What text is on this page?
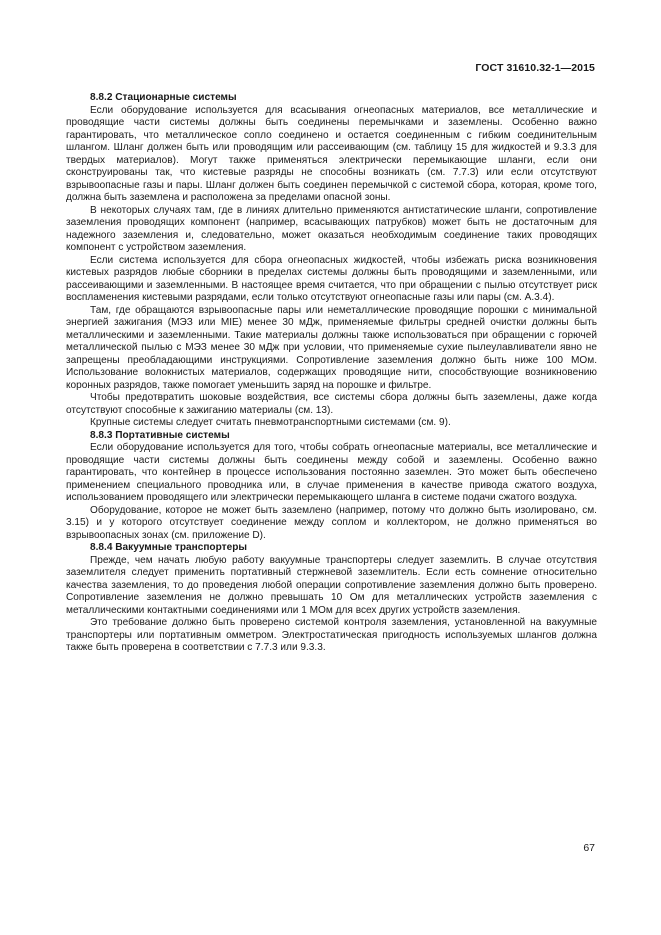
ГОСТ 31610.32-1—2015
8.8.2 Стационарные системы

Если оборудование используется для всасывания огнеопасных материалов, все металлические и проводящие части системы должны быть соединены перемычками и заземлены. Особенно важно гарантировать, что металлическое сопло соединено и остается соединенным с гибким соединительным шлангом. Шланг должен быть или проводящим или рассеивающим (см. таблицу 15 для жидкостей и 9.3.3 для твердых материалов). Могут также применяться электрически перемыкающие шланги, если они сконструированы так, что кистевые разряды не способны возникать (см. 7.7.3) или если отсутствуют взрывоопасные газы и пары. Шланг должен быть соединен перемычкой с системой сбора, которая, кроме того, должна быть заземлена и расположена за пределами опасной зоны.

В некоторых случаях там, где в линиях длительно применяются антистатические шланги, сопротивление заземления проводящих компонент (например, всасывающих патрубков) может быть не достаточным для надежного заземления и, следовательно, может оказаться необходимым соединение таких проводящих компонент с устройством заземления.

Если система используется для сбора огнеопасных жидкостей, чтобы избежать риска возникновения кистевых разрядов любые сборники в пределах системы должны быть проводящими и заземленными, или рассеивающими и заземленными. В настоящее время считается, что при обращении с пылью отсутствует риск воспламенения кистевыми разрядами, если только отсутствуют огнеопасные газы или пары (см. А.3.4).

Там, где обращаются взрывоопасные пары или неметаллические проводящие порошки с минимальной энергией зажигания (МЭЗ или MIE) менее 30 мДж, применяемые фильтры средней очистки должны быть металлическими и заземленными. Такие материалы должны также использоваться при обращении с горючей металлической пылью с МЭЗ менее 30 мДж при условии, что применяемые сухие пылеулавливатели явно не запрещены преобладающими инструкциями. Сопротивление заземления должно быть ниже 100 МОм. Использование волокнистых материалов, содержащих проводящие нити, способствующие возникновению коронных разрядов, также помогает уменьшить заряд на порошке и фильтре.

Чтобы предотвратить шоковые воздействия, все системы сбора должны быть заземлены, даже когда отсутствуют способные к зажиганию материалы (см. 13).

Крупные системы следует считать пневмотранспортными системами (см. 9).

8.8.3 Портативные системы

Если оборудование используется для того, чтобы собрать огнеопасные материалы, все металлические и проводящие части системы должны быть соединены между собой и заземлены. Особенно важно гарантировать, что контейнер в процессе использования постоянно заземлен. Это может быть обеспечено применением специального проводника или, в случае применения в качестве привода сжатого воздуха, использованием проводящего или электрически перемыкающего шланга в системе подачи сжатого воздуха.

Оборудование, которое не может быть заземлено (например, потому что должно быть изолировано, см. 3.15) и у которого отсутствует соединение между соплом и коллектором, не должно применяться во взрывоопасных зонах (см. приложение D).

8.8.4 Вакуумные транспортеры

Прежде, чем начать любую работу вакуумные транспортеры следует заземлить. В случае отсутствия заземлителя следует применить портативный стержневой заземлитель. Если есть сомнение относительно качества заземления, то до проведения любой операции сопротивление заземления должно быть проверено. Сопротивление заземления не должно превышать 10 Ом для металлических устройств заземления с металлическими контактными соединениями или 1 МОм для всех других устройств заземления.

Это требование должно быть проверено системой контроля заземления, установленной на вакуумные транспортеры или портативным омметром. Электростатическая пригодность используемых шлангов должна также быть проверена в соответствии с 7.7.3 или 9.3.3.

67
